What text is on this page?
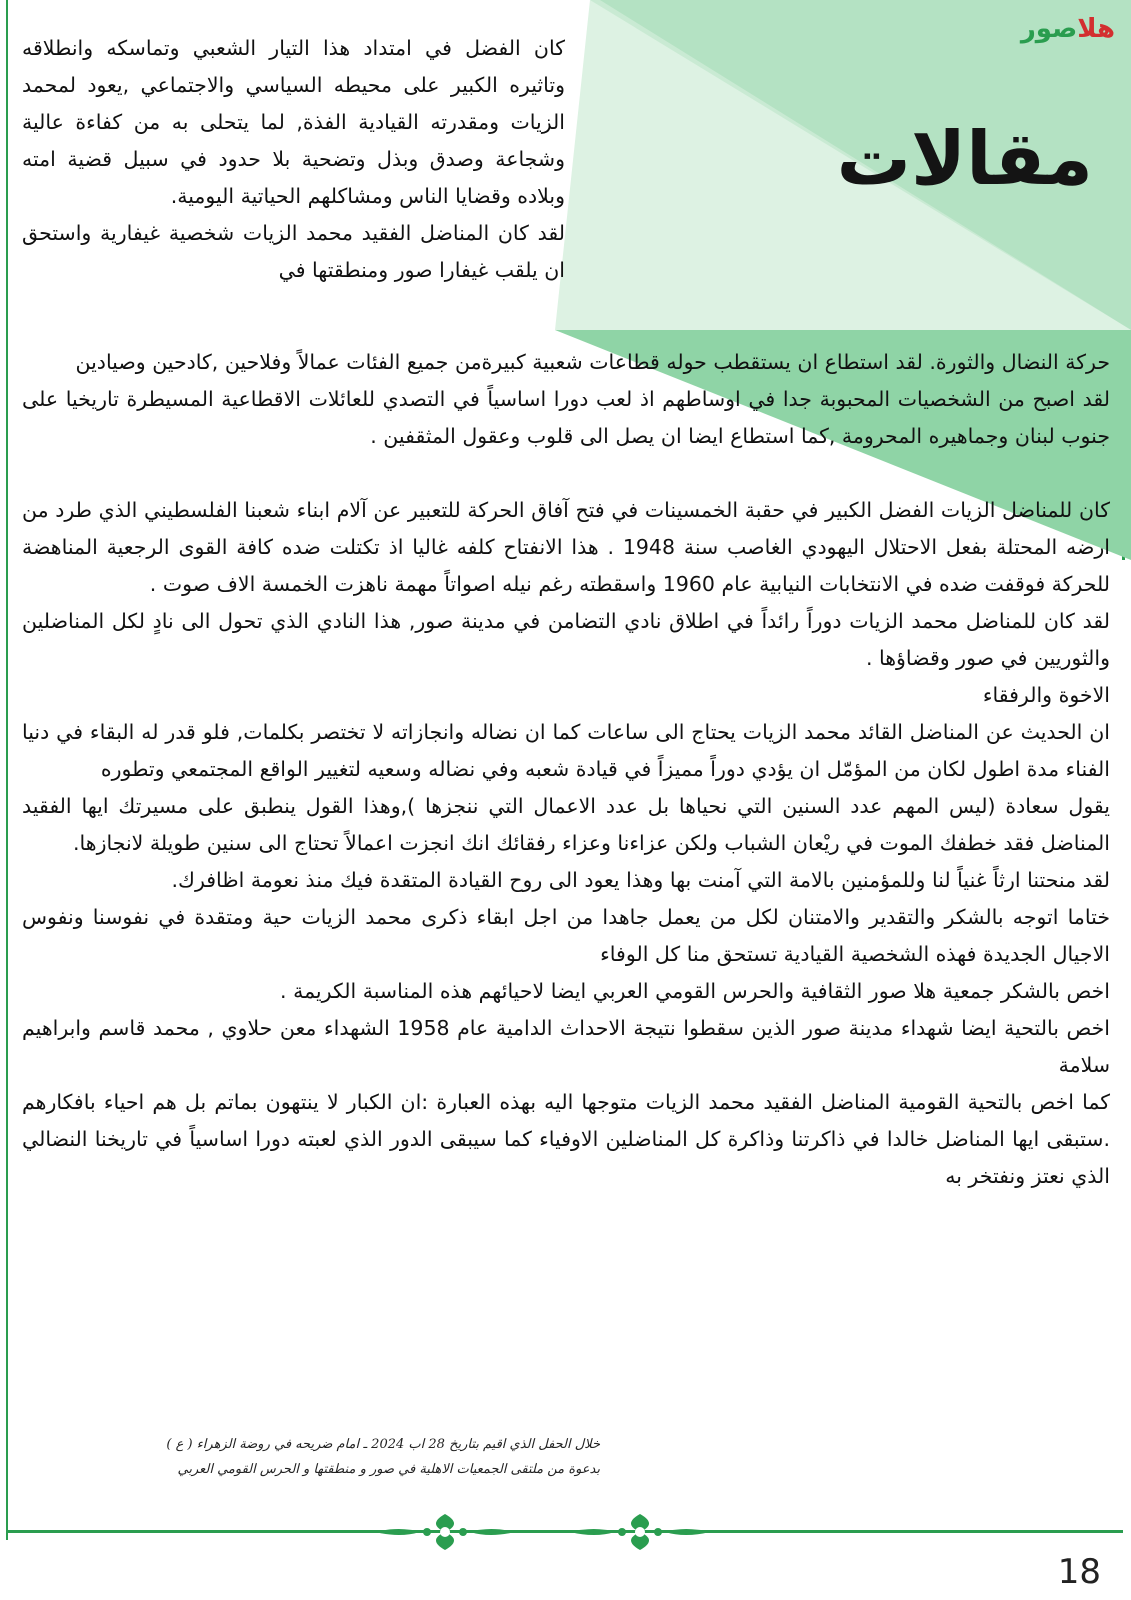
هلاصور
مقالات

كان الفضل في امتداد هذا التيار الشعبي وتماسكه وانطلاقه وتاثيره الكبير على محيطه السياسي والاجتماعي ,يعود لمحمد الزيات ومقدرته القيادية الفذة, لما يتحلى به من كفاءة عالية وشجاعة وصدق وبذل وتضحية بلا حدود في سبيل قضية امته وبلاده وقضايا الناس ومشاكلهم الحياتية اليومية.

لقد كان المناضل الفقيد محمد الزيات شخصية غيفارية واستحق ان يلقب غيفارا صور ومنطقتها في

حركة النضال والثورة. لقد استطاع ان يستقطب حوله قطاعات شعبية كبيرةمن جميع الفئات عمالاً وفلاحين ,كادحين وصيادين

لقد اصبح من الشخصيات المحبوبة جدا في اوساطهم اذ لعب دورا اساسياً في التصدي للعائلات الاقطاعية المسيطرة تاريخيا على جنوب لبنان وجماهيره المحرومة ,كما استطاع ايضا ان يصل الى قلوب وعقول المثقفين .

كان للمناضل الزيات الفضل الكبير في حقبة الخمسينات في فتح آفاق الحركة للتعبير عن آلام ابناء شعبنا الفلسطيني الذي طرد من ارضه المحتلة بفعل الاحتلال اليهودي الغاصب سنة 1948 . هذا الانفتاح كلفه غاليا اذ تكتلت ضده كافة القوى الرجعية المناهضة للحركة فوقفت ضده في الانتخابات النيابية عام 1960 واسقطته رغم نيله اصواتاً مهمة ناهزت الخمسة الاف صوت .

لقد كان للمناضل محمد الزيات دوراً رائداً في اطلاق نادي التضامن في مدينة صور, هذا النادي الذي تحول الى نادٍ لكل المناضلين والثوريين في صور وقضاؤها .

الاخوة والرفقاء

ان الحديث عن المناضل القائد محمد الزيات يحتاج الى ساعات كما ان نضاله وانجازاته لا تختصر بكلمات, فلو قدر له البقاء في دنيا الفناء مدة اطول لكان من المؤمّل ان يؤدي دوراً مميزاً في قيادة شعبه وفي نضاله وسعيه لتغيير الواقع المجتمعي وتطوره

يقول سعادة (ليس المهم عدد السنين التي نحياها بل عدد الاعمال التي ننجزها ),وهذا القول ينطبق على مسيرتك ايها الفقيد المناضل فقد خطفك الموت في ريْعان الشباب ولكن عزاءنا وعزاء رفقائك انك انجزت اعمالاً تحتاج الى سنين طويلة لانجازها.

لقد منحتنا ارثاً غنياً لنا وللمؤمنين بالامة التي آمنت بها وهذا يعود الى روح القيادة المتقدة فيك منذ نعومة اظافرك.

ختاما اتوجه بالشكر والتقدير والامتنان لكل من يعمل جاهدا من اجل ابقاء ذكرى محمد الزيات حية ومتقدة في نفوسنا ونفوس الاجيال الجديدة فهذه الشخصية القيادية تستحق منا كل الوفاء

اخص بالشكر جمعية هلا صور الثقافية والحرس القومي العربي ايضا لاحيائهم هذه المناسبة الكريمة .

اخص بالتحية ايضا شهداء مدينة صور الذين سقطوا نتيجة الاحداث الدامية عام 1958 الشهداء معن حلاوي , محمد قاسم وابراهيم سلامة

كما اخص بالتحية القومية المناضل الفقيد محمد الزيات متوجها اليه بهذه العبارة :ان الكبار لا ينتهون بماتم بل هم احياء بافكارهم .ستبقى ايها المناضل خالدا في ذاكرتنا وذاكرة كل المناضلين الاوفياء كما سيبقى الدور الذي لعبته دورا اساسياً في تاريخنا النضالي الذي نعتز ونفتخر به

خلال الحفل الذي اقيم بتاريخ 28 اب 2024 ـ امام ضريحه في روضة الزهراء ( ع )
بدعوة من ملتقى الجمعيات الاهلية في صور و منطقتها و الحرس القومي العربي
18
